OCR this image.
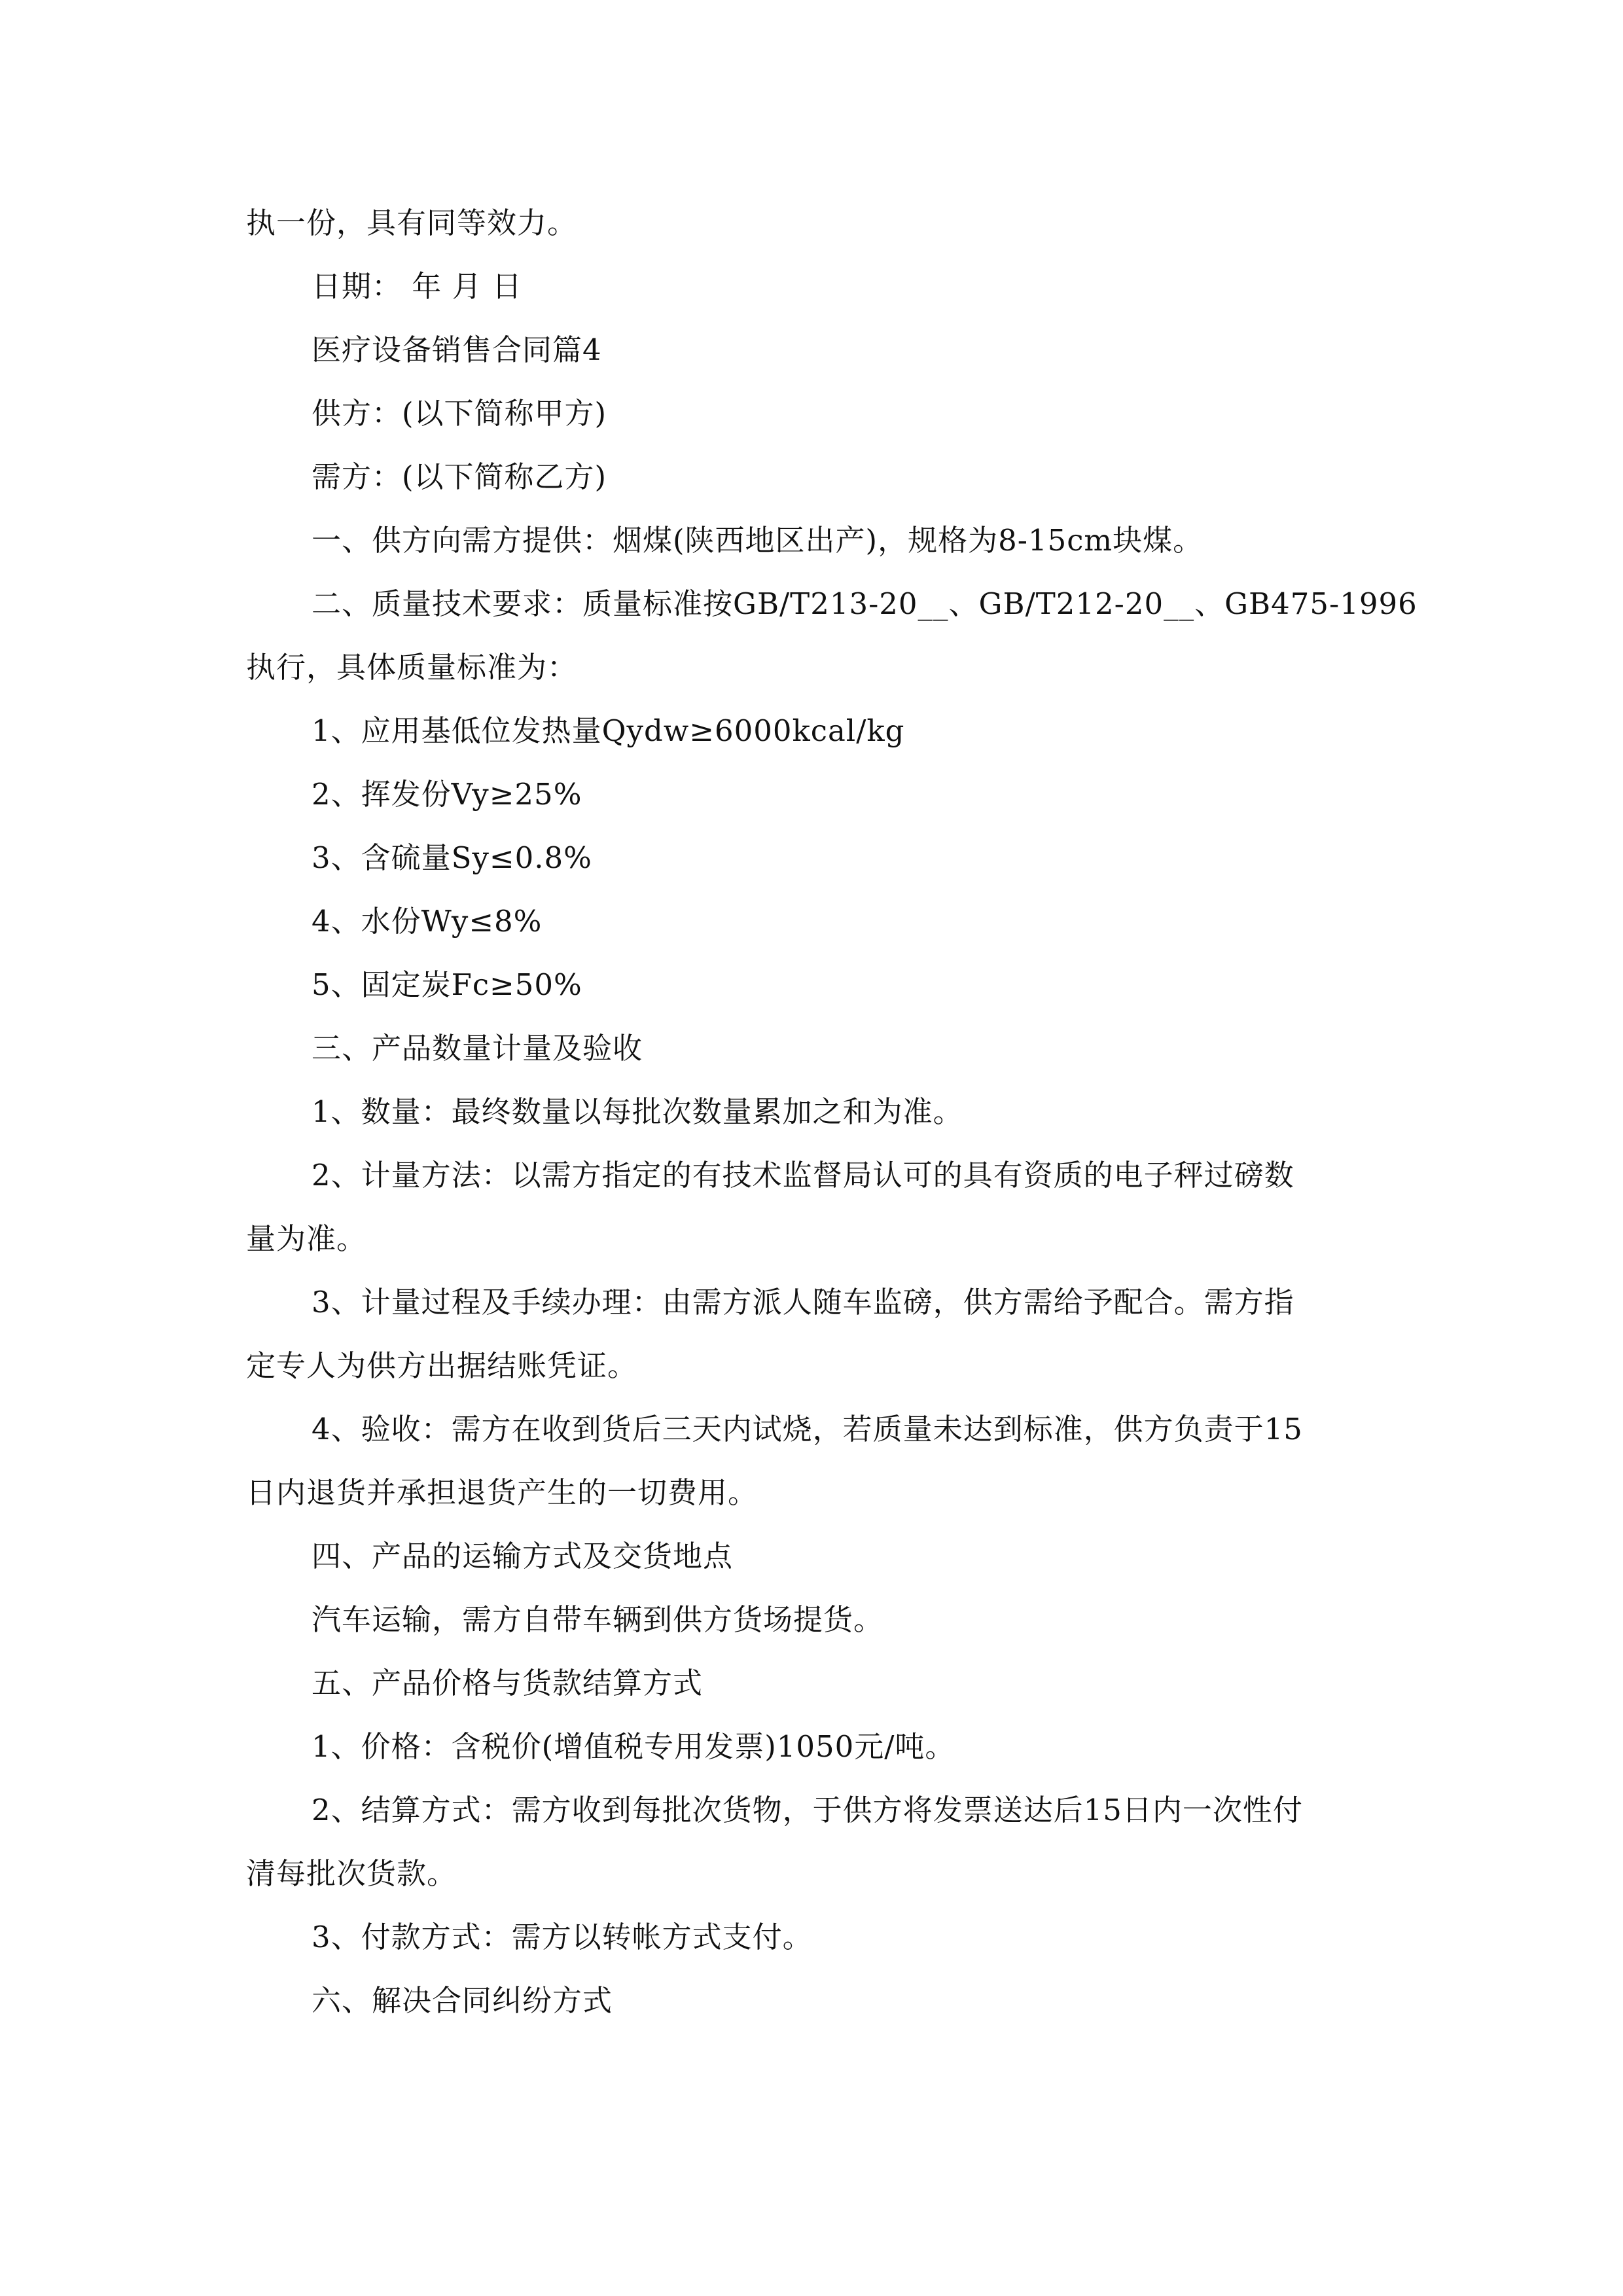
执一份，具有同等效力。
日期： 年 月 日
医疗设备销售合同篇4
供方：(以下简称甲方)
需方：(以下简称乙方)
一、供方向需方提供：烟煤(陕西地区出产)，规格为8-15cm块煤。
二、质量技术要求：质量标准按GB/T213-20__、GB/T212-20__、GB475-1996
执行，具体质量标准为：
1、应用基低位发热量Qydw≥6000kcal/kg
2、挥发份Vy≥25%
3、含硫量Sy≤0.8%
4、水份Wy≤8%
5、固定炭Fc≥50%
三、产品数量计量及验收
1、数量：最终数量以每批次数量累加之和为准。
2、计量方法：以需方指定的有技术监督局认可的具有资质的电子秤过磅数
量为准。
3、计量过程及手续办理：由需方派人随车监磅，供方需给予配合。需方指
定专人为供方出据结账凭证。
4、验收：需方在收到货后三天内试烧，若质量未达到标准，供方负责于15
日内退货并承担退货产生的一切费用。
四、产品的运输方式及交货地点
汽车运输，需方自带车辆到供方货场提货。
五、产品价格与货款结算方式
1、价格：含税价(增值税专用发票)1050元/吨。
2、结算方式：需方收到每批次货物，于供方将发票送达后15日内一次性付
清每批次货款。
3、付款方式：需方以转帐方式支付。
六、解决合同纠纷方式
